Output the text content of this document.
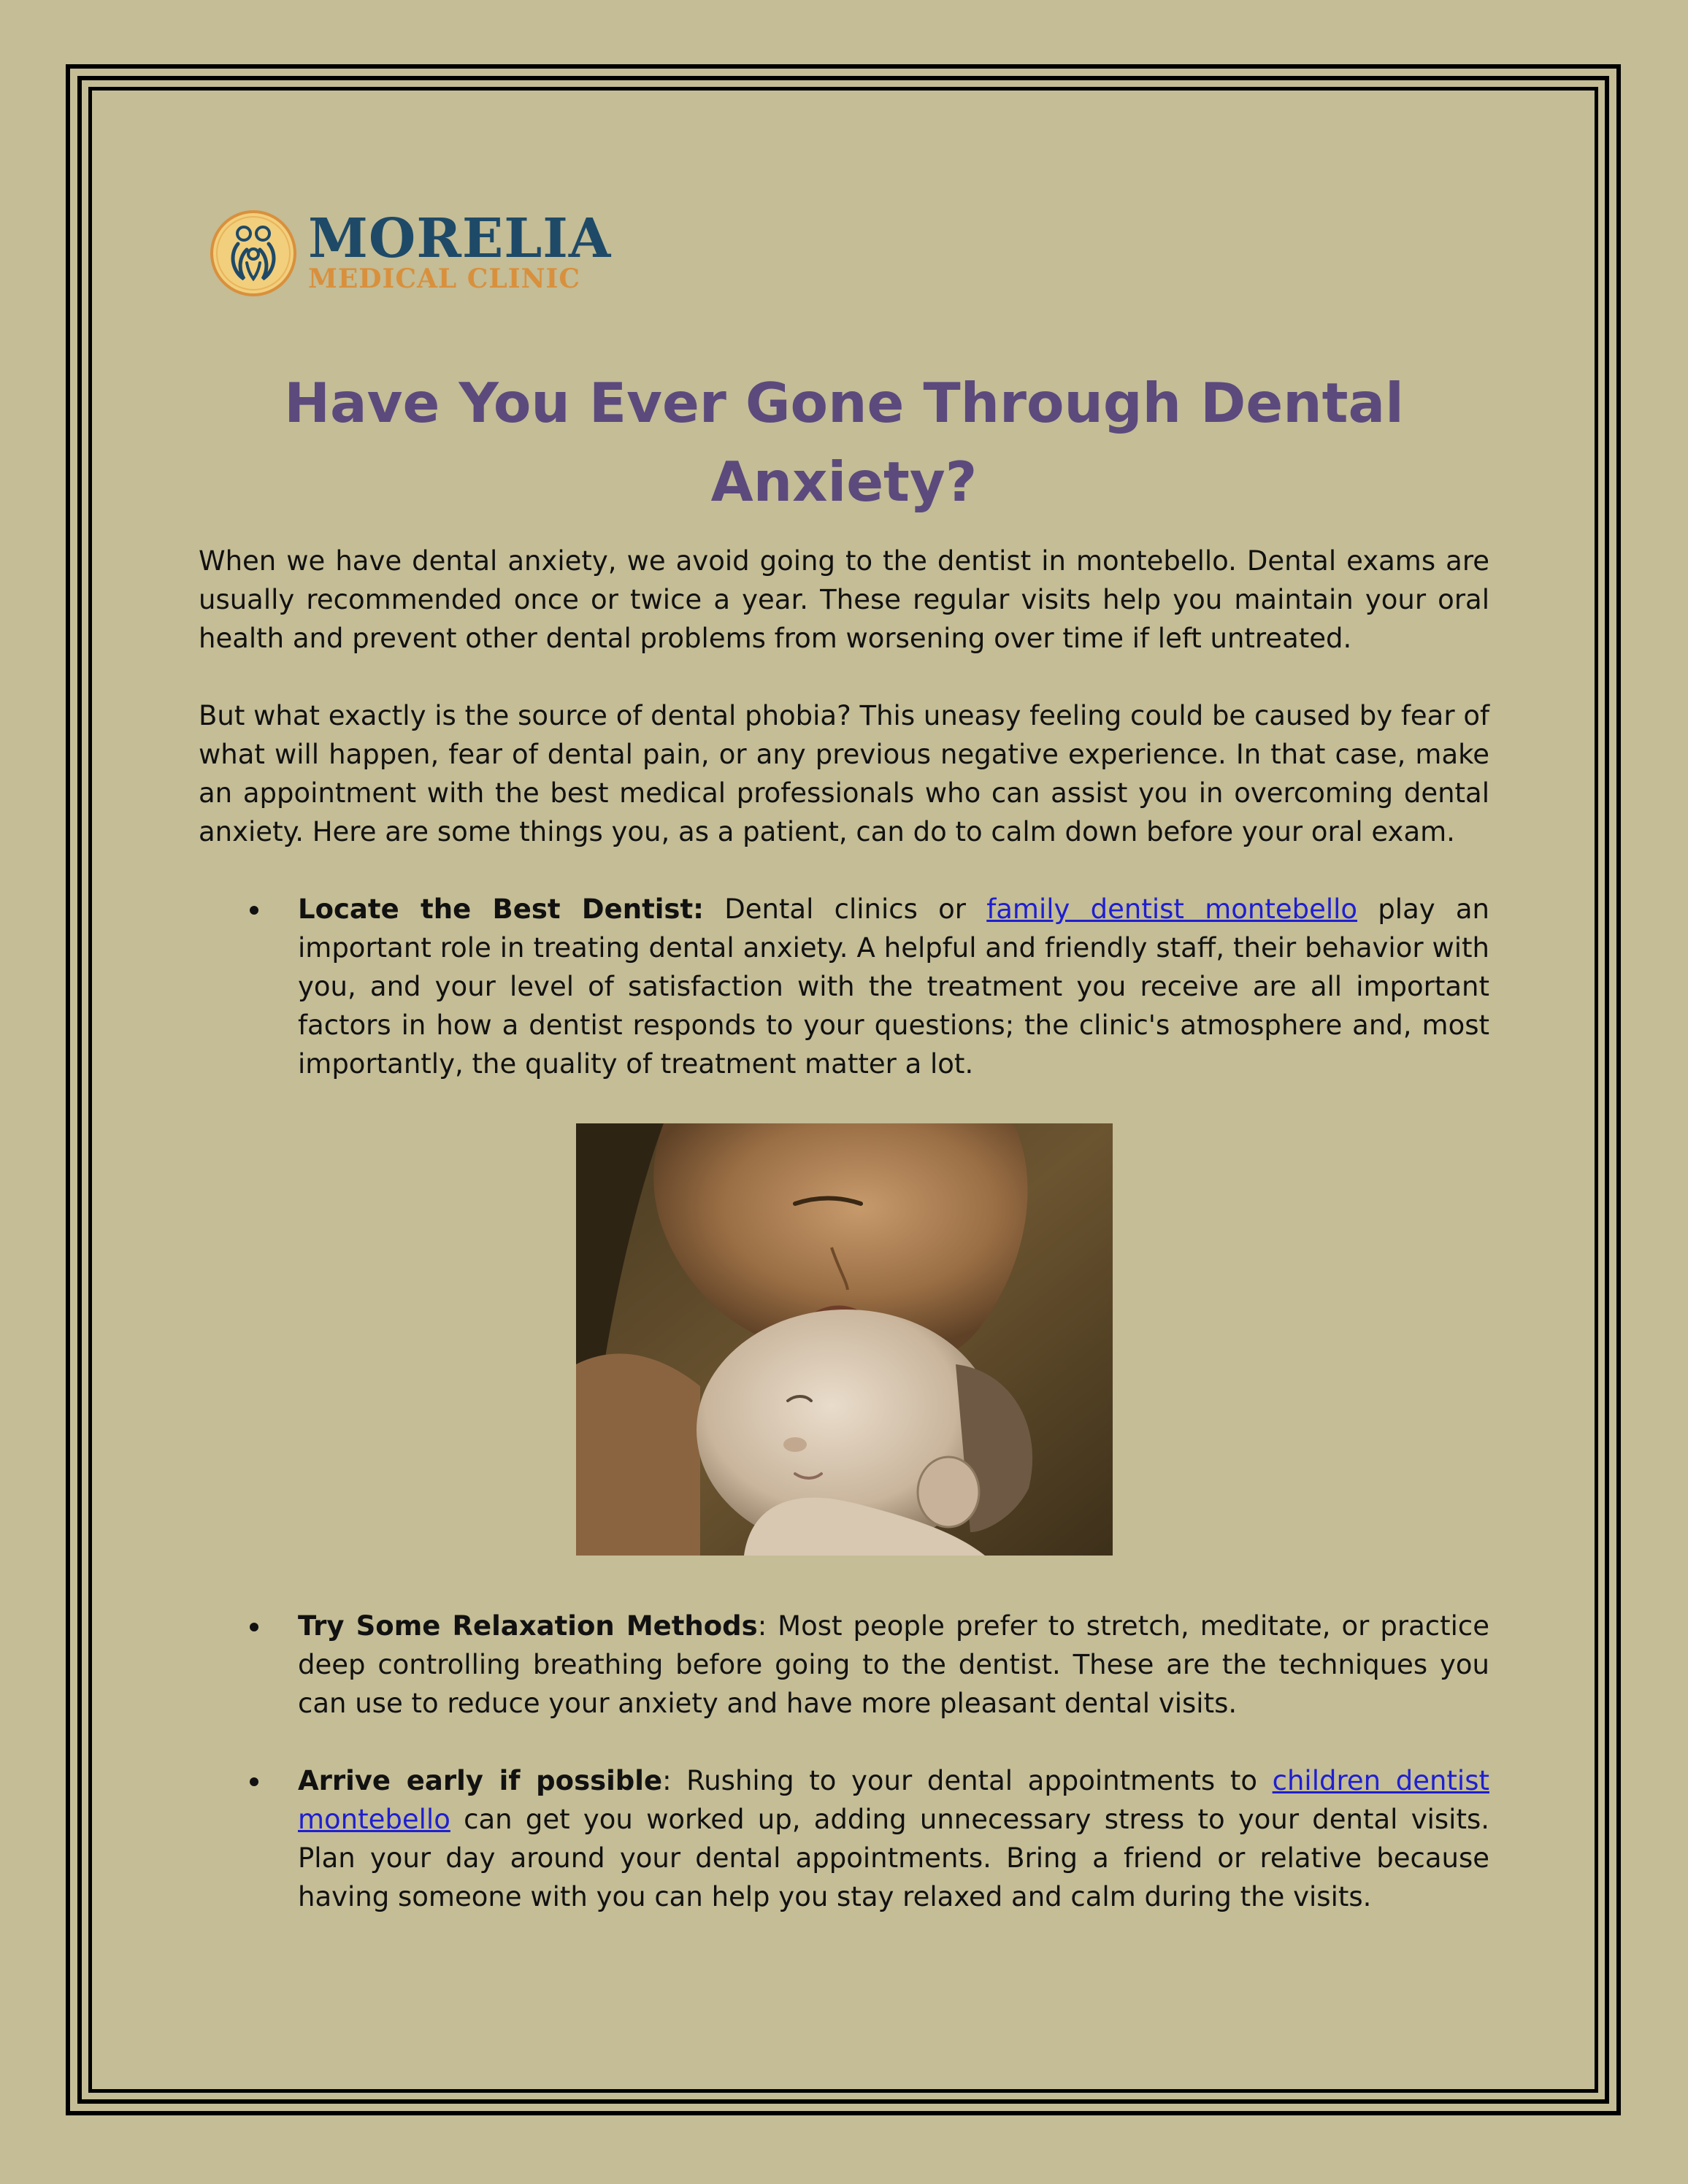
MORELIA
MEDICAL CLINIC
Have You Ever Gone Through Dental Anxiety?

When we have dental anxiety, we avoid going to the dentist in montebello. Dental exams are usually recommended once or twice a year. These regular visits help you maintain your oral health and prevent other dental problems from worsening over time if left untreated.

But what exactly is the source of dental phobia? This uneasy feeling could be caused by fear of what will happen, fear of dental pain, or any previous negative experience. In that case, make an appointment with the best medical professionals who can assist you in overcoming dental anxiety. Here are some things you, as a patient, can do to calm down before your oral exam.

Locate the Best Dentist: Dental clinics or family dentist montebello play an important role in treating dental anxiety. A helpful and friendly staff, their behavior with you, and your level of satisfaction with the treatment you receive are all important factors in how a dentist responds to your questions; the clinic's atmosphere and, most importantly, the quality of treatment matter a lot.
Try Some Relaxation Methods: Most people prefer to stretch, meditate, or practice deep controlling breathing before going to the dentist. These are the techniques you can use to reduce your anxiety and have more pleasant dental visits.
Arrive early if possible: Rushing to your dental appointments to children dentist montebello can get you worked up, adding unnecessary stress to your dental visits. Plan your day around your dental appointments. Bring a friend or relative because having someone with you can help you stay relaxed and calm during the visits.
